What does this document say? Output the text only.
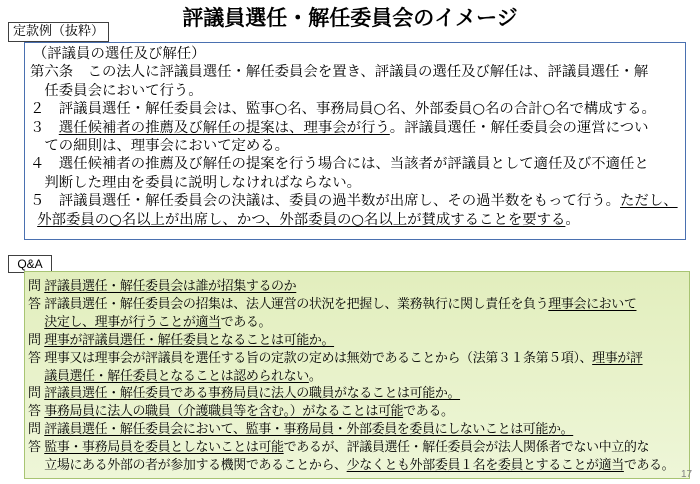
評議員選任・解任委員会のイメージ
定款例（抜粋）
（評議員の選任及び解任）
第六条　この法人に評議員選任・解任委員会を置き、評議員の選任及び解任は、評議員選任・解
任委員会において行う。
２　評議員選任・解任委員会は、監事○名、事務局員○名、外部委員○名の合計○名で構成する。
３　選任候補者の推薦及び解任の提案は、理事会が行う。評議員選任・解任委員会の運営につい
ての細則は、理事会において定める。
４　選任候補者の推薦及び解任の提案を行う場合には、当該者が評議員として適任及び不適任と
判断した理由を委員に説明しなければならない。
５　評議員選任・解任委員会の決議は、委員の過半数が出席し、その過半数をもって行う。ただし、
外部委員の○名以上が出席し、かつ、外部委員の○名以上が賛成することを要する。
Q&A
問 評議員選任・解任委員会は誰が招集するのか
答 評議員選任・解任委員会の招集は、法人運営の状況を把握し、業務執行に関し責任を負う理事会において
決定し、理事が行うことが適当である。
問 理事が評議員選任・解任委員となることは可能か。
答 理事又は理事会が評議員を選任する旨の定款の定めは無効であることから（法第３１条第５項）、理事が評
議員選任・解任委員となることは認められない。
問 評議員選任・解任委員である事務局員に法人の職員がなることは可能か。
答 事務局員に法人の職員（介護職員等を含む。）がなることは可能である。
問 評議員選任・解任委員会において、監事・事務局員・外部委員を委員にしないことは可能か。
答 監事・事務局員を委員としないことは可能であるが、評議員選任・解任委員会が法人関係者でない中立的な
立場にある外部の者が参加する機関であることから、少なくとも外部委員１名を委員とすることが適当である。
17
